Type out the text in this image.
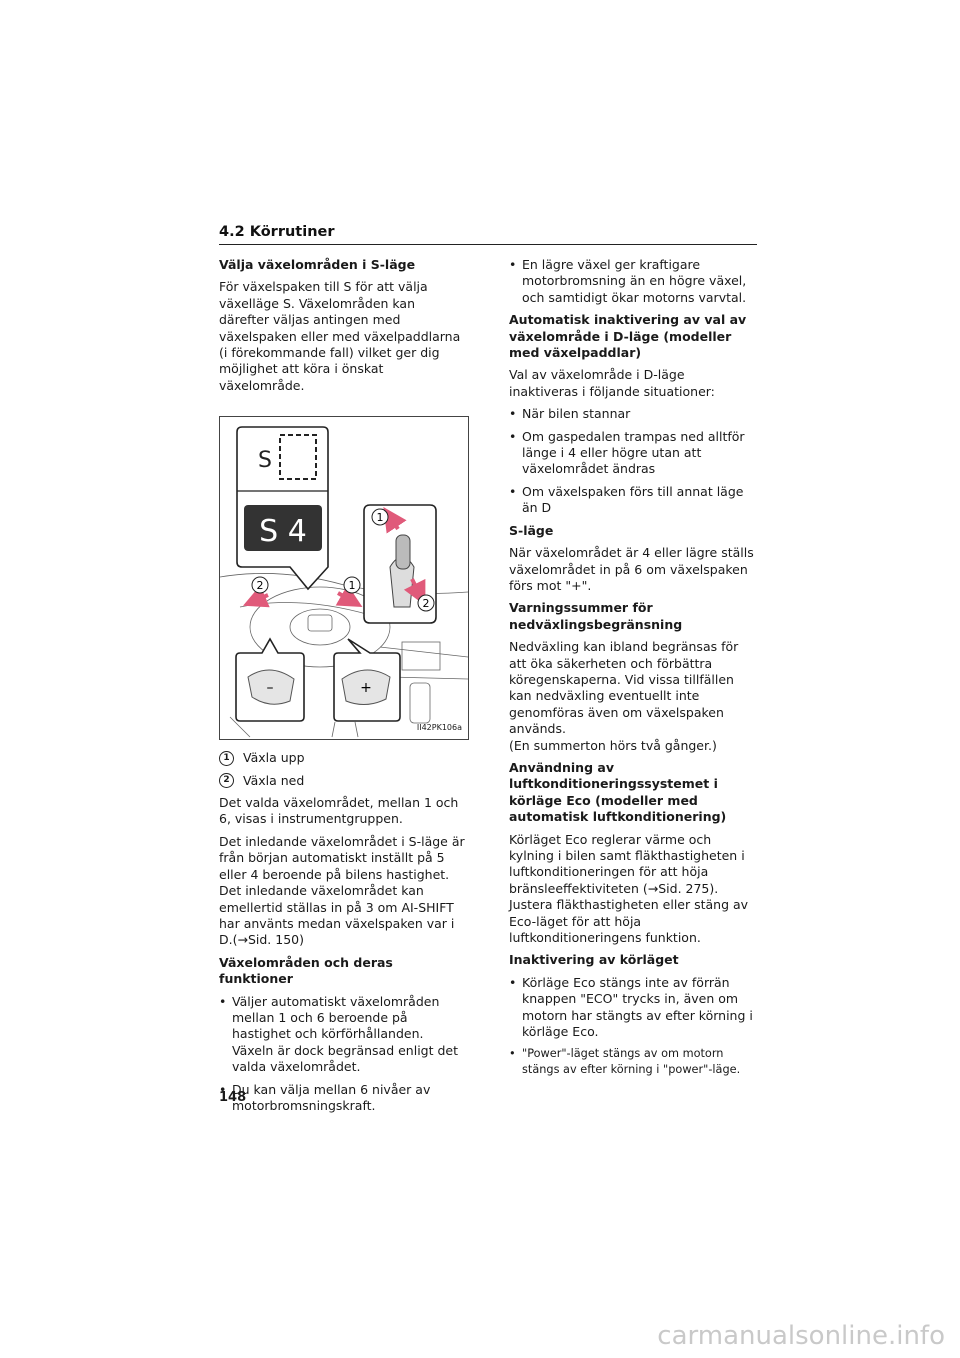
4.2 Körrutiner
Välja växelområden i S-läge
För växelspaken till S för att välja växelläge S. Växelområden kan därefter väljas antingen med växelspaken eller med växelpaddlarna (i förekommande fall) vilket ger dig möjlighet att köra i önskat växelområde.
S
S 4	1
2
2	1
–	+
II42PK106a
1	Växla upp
2	Växla ned
Det valda växelområdet, mellan 1 och 6, visas i instrumentgruppen.
Det inledande växelområdet i S-läge är från början automatiskt inställt på 5 eller 4 beroende på bilens hastighet. Det inledande växelområdet kan emellertid ställas in på 3 om AI-SHIFT har använts medan växelspaken var i D.(→Sid. 150)
Växelområden och deras funktioner
• Väljer automatiskt växelområden mellan 1 och 6 beroende på hastighet och körförhållanden. Växeln är dock begränsad enligt det valda växelområdet.
• Du kan välja mellan 6 nivåer av motorbromsningskraft.
• En lägre växel ger kraftigare motorbromsning än en högre växel, och samtidigt ökar motorns varvtal.
Automatisk inaktivering av val av växelområde i D-läge (modeller med växelpaddlar)
Val av växelområde i D-läge inaktiveras i följande situationer:
• När bilen stannar
• Om gaspedalen trampas ned alltför länge i 4 eller högre utan att växelområdet ändras
• Om växelspaken förs till annat läge än D
S-läge
När växelområdet är 4 eller lägre ställs växelområdet in på 6 om växelspaken förs mot "+".
Varningssummer för nedväxlingsbegränsning
Nedväxling kan ibland begränsas för att öka säkerheten och förbättra köregenskaperna. Vid vissa tillfällen kan nedväxling eventuellt inte genomföras även om växelspaken används.
(En summerton hörs två gånger.)
Användning av luftkonditioneringssystemet i körläge Eco (modeller med automatisk luftkonditionering)
Körläget Eco reglerar värme och kylning i bilen samt fläkthastigheten i luftkonditioneringen för att höja bränsleeffektiviteten (→Sid. 275). Justera fläkthastigheten eller stäng av Eco-läget för att höja luftkonditioneringens funktion.
Inaktivering av körläget
• Körläge Eco stängs inte av förrän knappen "ECO" trycks in, även om motorn har stängts av efter körning i körläge Eco.
• "Power"-läget stängs av om motorn stängs av efter körning i "power"-läge.
148
carmanualsonline.info
